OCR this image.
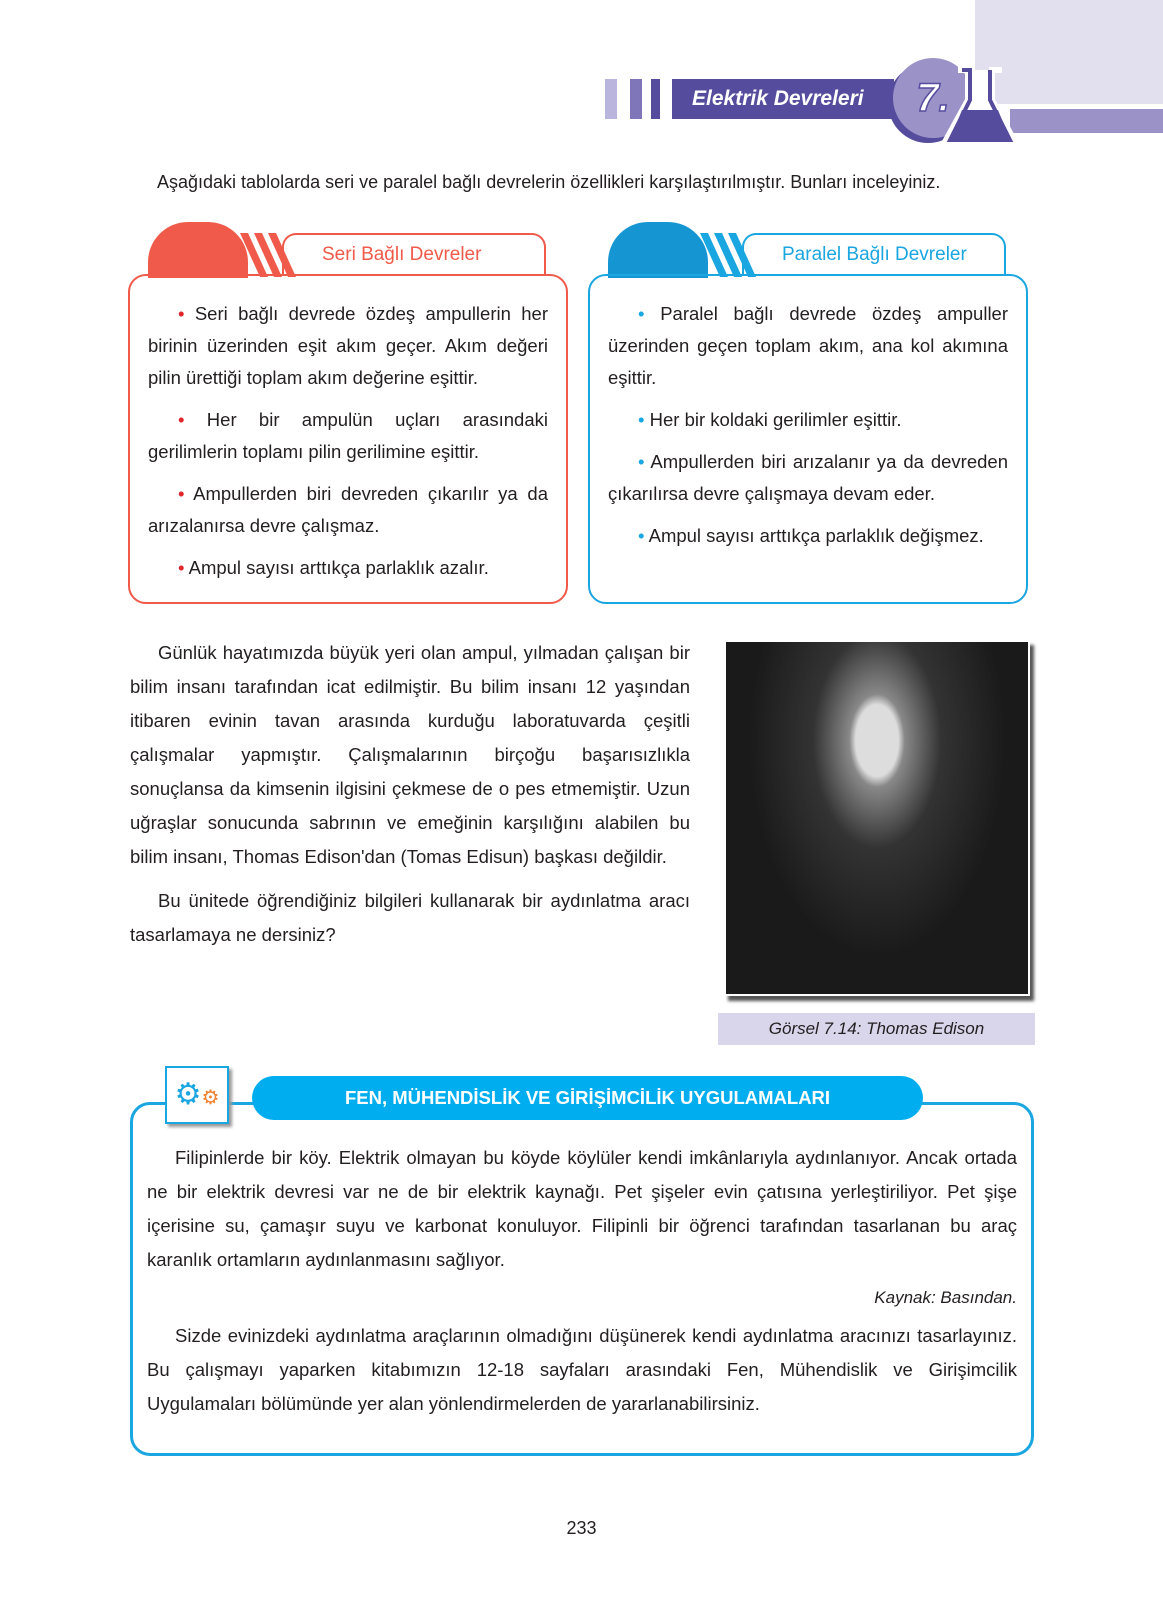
Elektrik Devreleri	7.
Aşağıdaki tablolarda seri ve paralel bağlı devrelerin özellikleri karşılaştırılmıştır. Bunları inceleyiniz.
Seri Bağlı Devreler

• Seri bağlı devrede özdeş ampullerin her birinin üzerinden eşit akım geçer. Akım değeri pilin ürettiği toplam akım değerine eşittir.

• Her bir ampulün uçları arasındaki gerilimlerin toplamı pilin gerilimine eşittir.

• Ampullerden biri devreden çıkarılır ya da arızalanırsa devre çalışmaz.

• Ampul sayısı arttıkça parlaklık azalır.

Paralel Bağlı Devreler

• Paralel bağlı devrede özdeş ampuller üzerinden geçen toplam akım, ana kol akımına eşittir.

• Her bir koldaki gerilimler eşittir.

• Ampullerden biri arızalanır ya da devreden çıkarılırsa devre çalışmaya devam eder.

• Ampul sayısı arttıkça parlaklık değişmez.

Günlük hayatımızda büyük yeri olan ampul, yılmadan çalışan bir bilim insanı tarafından icat edilmiştir. Bu bilim insanı 12 yaşından itibaren evinin tavan arasında kurduğu laboratuvarda çeşitli çalışmalar yapmıştır. Çalışmalarının birçoğu başarısızlıkla sonuçlansa da kimsenin ilgisini çekmese de o pes etmemiştir. Uzun uğraşlar sonucunda sabrının ve emeğinin karşılığını alabilen bu bilim insanı, Thomas Edison'dan (Tomas Edisun) başkası değildir.

Bu ünitede öğrendiğiniz bilgileri kullanarak bir aydınlatma aracı tasarlamaya ne dersiniz?

Görsel 7.14: Thomas Edison

Filipinlerde bir köy. Elektrik olmayan bu köyde köylüler kendi imkânlarıyla aydınlanıyor. Ancak ortada ne bir elektrik devresi var ne de bir elektrik kaynağı. Pet şişeler evin çatısına yerleştiriliyor. Pet şişe içerisine su, çamaşır suyu ve karbonat konuluyor. Filipinli bir öğrenci tarafından tasarlanan bu araç karanlık ortamların aydınlanmasını sağlıyor.

Kaynak: Basından.

Sizde evinizdeki aydınlatma araçlarının olmadığını düşünerek kendi aydınlatma aracınızı tasarlayınız. Bu çalışmayı yaparken kitabımızın 12-18 sayfaları arasındaki Fen, Mühendislik ve Girişimcilik Uygulamaları bölümünde yer alan yönlendirmelerden de yararlanabilirsiniz.

⚙⚙	FEN, MÜHENDİSLİK VE GİRİŞİMCİLİK UYGULAMALARI
233
